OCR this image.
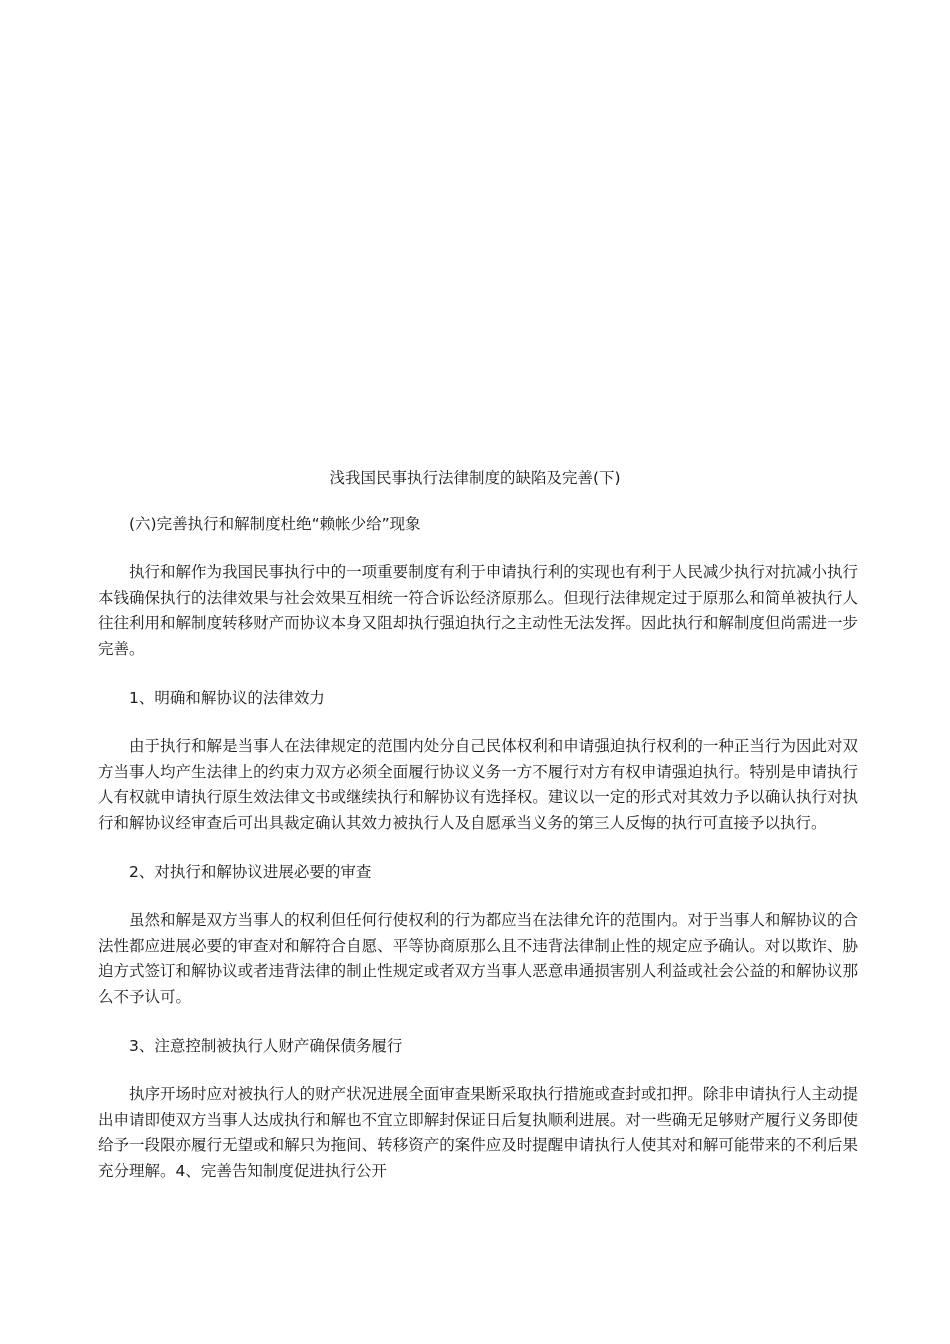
浅我国民事执行法律制度的缺陷及完善(下)

(六)完善执行和解制度杜绝“赖帐少给”现象

执行和解作为我国民事执行中的一项重要制度有利于申请执行利的实现也有利于人民减少执行对抗减小执行本钱确保执行的法律效果与社会效果互相统一符合诉讼经济原那么。但现行法律规定过于原那么和简单被执行人往往利用和解制度转移财产而协议本身又阻却执行强迫执行之主动性无法发挥。因此执行和解制度但尚需进一步完善。

1、明确和解协议的法律效力

由于执行和解是当事人在法律规定的范围内处分自己民体权利和申请强迫执行权利的一种正当行为因此对双方当事人均产生法律上的约束力双方必须全面履行协议义务一方不履行对方有权申请强迫执行。特别是申请执行人有权就申请执行原生效法律文书或继续执行和解协议有选择权。建议以一定的形式对其效力予以确认执行对执行和解协议经审查后可出具裁定确认其效力被执行人及自愿承当义务的第三人反悔的执行可直接予以执行。

2、对执行和解协议进展必要的审查

虽然和解是双方当事人的权利但任何行使权利的行为都应当在法律允许的范围内。对于当事人和解协议的合法性都应进展必要的审查对和解符合自愿、平等协商原那么且不违背法律制止性的规定应予确认。对以欺诈、胁迫方式签订和解协议或者违背法律的制止性规定或者双方当事人恶意串通损害别人利益或社会公益的和解协议那么不予认可。

3、注意控制被执行人财产确保债务履行

执序开场时应对被执行人的财产状况进展全面审查果断采取执行措施或查封或扣押。除非申请执行人主动提出申请即使双方当事人达成执行和解也不宜立即解封保证日后复执顺利进展。对一些确无足够财产履行义务即使给予一段限亦履行无望或和解只为拖间、转移资产的案件应及时提醒申请执行人使其对和解可能带来的不利后果充分理解。4、完善告知制度促进执行公开
